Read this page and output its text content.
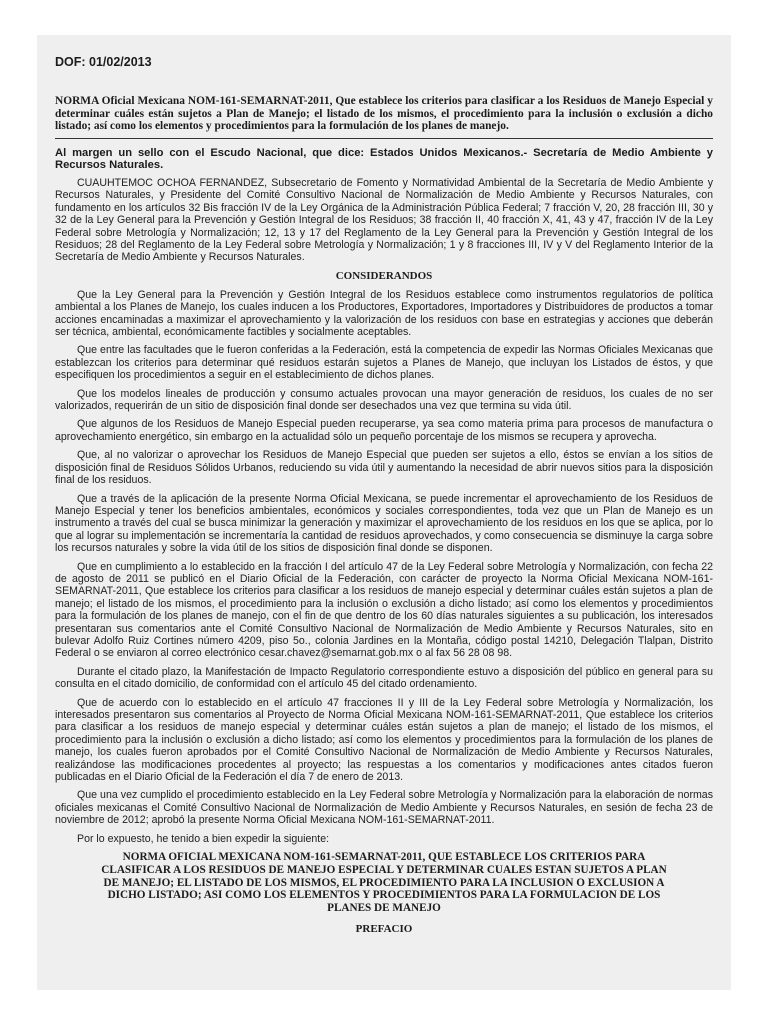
DOF: 01/02/2013
NORMA Oficial Mexicana NOM-161-SEMARNAT-2011, Que establece los criterios para clasificar a los Residuos de Manejo Especial y determinar cuáles están sujetos a Plan de Manejo; el listado de los mismos, el procedimiento para la inclusión o exclusión a dicho listado; así como los elementos y procedimientos para la formulación de los planes de manejo.
Al margen un sello con el Escudo Nacional, que dice: Estados Unidos Mexicanos.- Secretaría de Medio Ambiente y Recursos Naturales.

CUAUHTEMOC OCHOA FERNANDEZ, Subsecretario de Fomento y Normatividad Ambiental de la Secretaría de Medio Ambiente y Recursos Naturales, y Presidente del Comité Consultivo Nacional de Normalización de Medio Ambiente y Recursos Naturales, con fundamento en los artículos 32 Bis fracción IV de la Ley Orgánica de la Administración Pública Federal; 7 fracción V, 20, 28 fracción III, 30 y 32 de la Ley General para la Prevención y Gestión Integral de los Residuos; 38 fracción II, 40 fracción X, 41, 43 y 47, fracción IV de la Ley Federal sobre Metrología y Normalización; 12, 13 y 17 del Reglamento de la Ley General para la Prevención y Gestión Integral de los Residuos; 28 del Reglamento de la Ley Federal sobre Metrología y Normalización; 1 y 8 fracciones III, IV y V del Reglamento Interior de la Secretaría de Medio Ambiente y Recursos Naturales.

CONSIDERANDOS

Que la Ley General para la Prevención y Gestión Integral de los Residuos establece como instrumentos regulatorios de política ambiental a los Planes de Manejo, los cuales inducen a los Productores, Exportadores, Importadores y Distribuidores de productos a tomar acciones encaminadas a maximizar el aprovechamiento y la valorización de los residuos con base en estrategias y acciones que deberán ser técnica, ambiental, económicamente factibles y socialmente aceptables.

Que entre las facultades que le fueron conferidas a la Federación, está la competencia de expedir las Normas Oficiales Mexicanas que establezcan los criterios para determinar qué residuos estarán sujetos a Planes de Manejo, que incluyan los Listados de éstos, y que especifiquen los procedimientos a seguir en el establecimiento de dichos planes.

Que los modelos lineales de producción y consumo actuales provocan una mayor generación de residuos, los cuales de no ser valorizados, requerirán de un sitio de disposición final donde ser desechados una vez que termina su vida útil.

Que algunos de los Residuos de Manejo Especial pueden recuperarse, ya sea como materia prima para procesos de manufactura o aprovechamiento energético, sin embargo en la actualidad sólo un pequeño porcentaje de los mismos se recupera y aprovecha.

Que, al no valorizar o aprovechar los Residuos de Manejo Especial que pueden ser sujetos a ello, éstos se envían a los sitios de disposición final de Residuos Sólidos Urbanos, reduciendo su vida útil y aumentando la necesidad de abrir nuevos sitios para la disposición final de los residuos.

Que a través de la aplicación de la presente Norma Oficial Mexicana, se puede incrementar el aprovechamiento de los Residuos de Manejo Especial y tener los beneficios ambientales, económicos y sociales correspondientes, toda vez que un Plan de Manejo es un instrumento a través del cual se busca minimizar la generación y maximizar el aprovechamiento de los residuos en los que se aplica, por lo que al lograr su implementación se incrementaría la cantidad de residuos aprovechados, y como consecuencia se disminuye la carga sobre los recursos naturales y sobre la vida útil de los sitios de disposición final donde se disponen.

Que en cumplimiento a lo establecido en la fracción I del artículo 47 de la Ley Federal sobre Metrología y Normalización, con fecha 22 de agosto de 2011 se publicó en el Diario Oficial de la Federación, con carácter de proyecto la Norma Oficial Mexicana NOM-161-SEMARNAT-2011, Que establece los criterios para clasificar a los residuos de manejo especial y determinar cuáles están sujetos a plan de manejo; el listado de los mismos, el procedimiento para la inclusión o exclusión a dicho listado; así como los elementos y procedimientos para la formulación de los planes de manejo, con el fin de que dentro de los 60 días naturales siguientes a su publicación, los interesados presentaran sus comentarios ante el Comité Consultivo Nacional de Normalización de Medio Ambiente y Recursos Naturales, sito en bulevar Adolfo Ruiz Cortines número 4209, piso 5o., colonia Jardines en la Montaña, código postal 14210, Delegación Tlalpan, Distrito Federal o se enviaron al correo electrónico cesar.chavez@semarnat.gob.mx o al fax 56 28 08 98.

Durante el citado plazo, la Manifestación de Impacto Regulatorio correspondiente estuvo a disposición del público en general para su consulta en el citado domicilio, de conformidad con el artículo 45 del citado ordenamiento.

Que de acuerdo con lo establecido en el artículo 47 fracciones II y III de la Ley Federal sobre Metrología y Normalización, los interesados presentaron sus comentarios al Proyecto de Norma Oficial Mexicana NOM-161-SEMARNAT-2011, Que establece los criterios para clasificar a los residuos de manejo especial y determinar cuáles están sujetos a plan de manejo; el listado de los mismos, el procedimiento para la inclusión o exclusión a dicho listado; así como los elementos y procedimientos para la formulación de los planes de manejo, los cuales fueron aprobados por el Comité Consultivo Nacional de Normalización de Medio Ambiente y Recursos Naturales, realizándose las modificaciones procedentes al proyecto; las respuestas a los comentarios y modificaciones antes citados fueron publicadas en el Diario Oficial de la Federación el día 7 de enero de 2013.

Que una vez cumplido el procedimiento establecido en la Ley Federal sobre Metrología y Normalización para la elaboración de normas oficiales mexicanas el Comité Consultivo Nacional de Normalización de Medio Ambiente y Recursos Naturales, en sesión de fecha 23 de noviembre de 2012; aprobó la presente Norma Oficial Mexicana NOM-161-SEMARNAT-2011.

Por lo expuesto, he tenido a bien expedir la siguiente:

NORMA OFICIAL MEXICANA NOM-161-SEMARNAT-2011, QUE ESTABLECE LOS CRITERIOS PARA CLASIFICAR A LOS RESIDUOS DE MANEJO ESPECIAL Y DETERMINAR CUALES ESTAN SUJETOS A PLAN DE MANEJO; EL LISTADO DE LOS MISMOS, EL PROCEDIMIENTO PARA LA INCLUSION O EXCLUSION A DICHO LISTADO; ASI COMO LOS ELEMENTOS Y PROCEDIMIENTOS PARA LA FORMULACION DE LOS PLANES DE MANEJO
PREFACIO
